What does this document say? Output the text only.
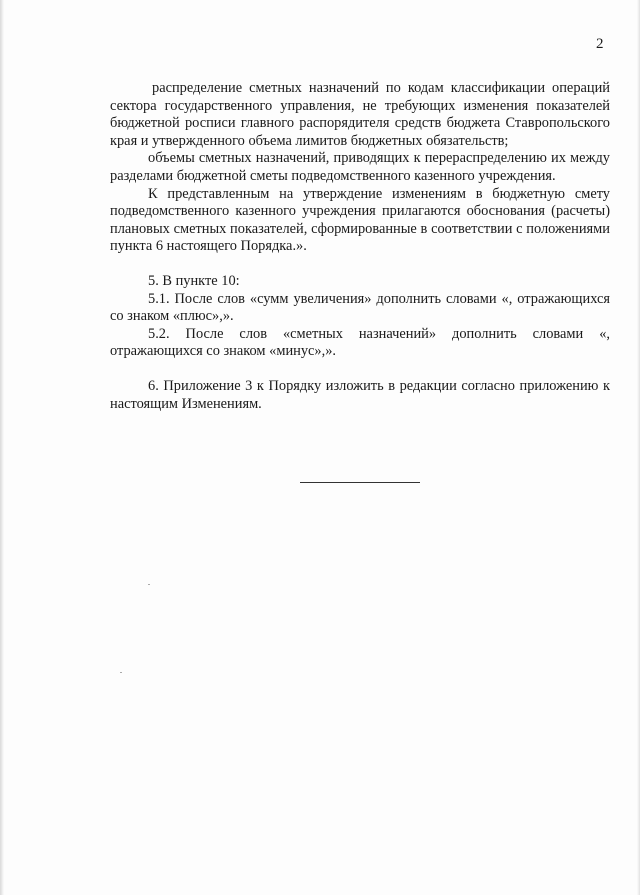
2

распределение сметных назначений по кодам классификации операций сектора государственного управления, не требующих изменения показателей бюджетной росписи главного распорядителя средств бюджета Ставропольского края и утвержденного объема лимитов бюджетных обязательств;

объемы сметных назначений, приводящих к перераспределению их между разделами бюджетной сметы подведомственного казенного учреждения.

К представленным на утверждение изменениям в бюджетную смету подведомственного казенного учреждения прилагаются обоснования (расчеты) плановых сметных показателей, сформированные в соответствии с положениями пункта 6 настоящего Порядка.».

5. В пункте 10:

5.1. После слов «сумм увеличения» дополнить словами «, отражающихся со знаком «плюс»,».

5.2. После слов «сметных назначений» дополнить словами «, отражающихся со знаком «минус»,».

6. Приложение 3 к Порядку изложить в редакции согласно приложению к настоящим Изменениям.
